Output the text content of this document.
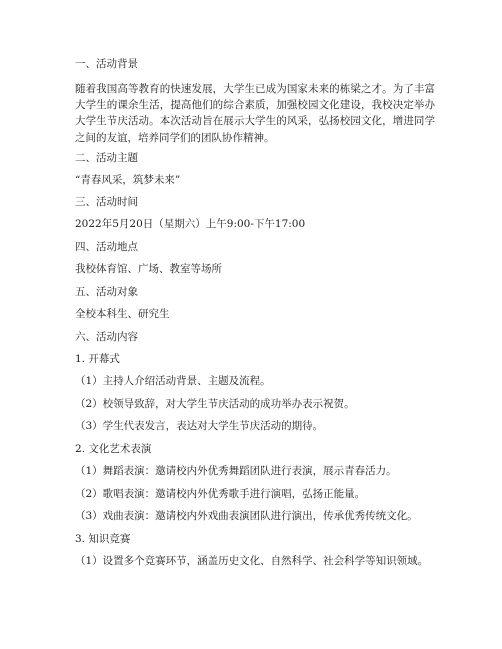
一、活动背景

随着我国高等教育的快速发展，大学生已成为国家未来的栋梁之才。为了丰富大学生的课余生活，提高他们的综合素质，加强校园文化建设，我校决定举办大学生节庆活动。本次活动旨在展示大学生的风采，弘扬校园文化，增进同学之间的友谊，培养同学们的团队协作精神。

二、活动主题

“青春风采，筑梦未来”

三、活动时间

2022年5月20日（星期六）上午9:00-下午17:00

四、活动地点

我校体育馆、广场、教室等场所

五、活动对象

全校本科生、研究生

六、活动内容

1. 开幕式

（1）主持人介绍活动背景、主题及流程。

（2）校领导致辞，对大学生节庆活动的成功举办表示祝贺。

（3）学生代表发言，表达对大学生节庆活动的期待。

2. 文化艺术表演

（1）舞蹈表演：邀请校内外优秀舞蹈团队进行表演，展示青春活力。

（2）歌唱表演：邀请校内外优秀歌手进行演唱，弘扬正能量。

（3）戏曲表演：邀请校内外戏曲表演团队进行演出，传承优秀传统文化。

3. 知识竞赛

（1）设置多个竞赛环节，涵盖历史文化、自然科学、社会科学等知识领域。
